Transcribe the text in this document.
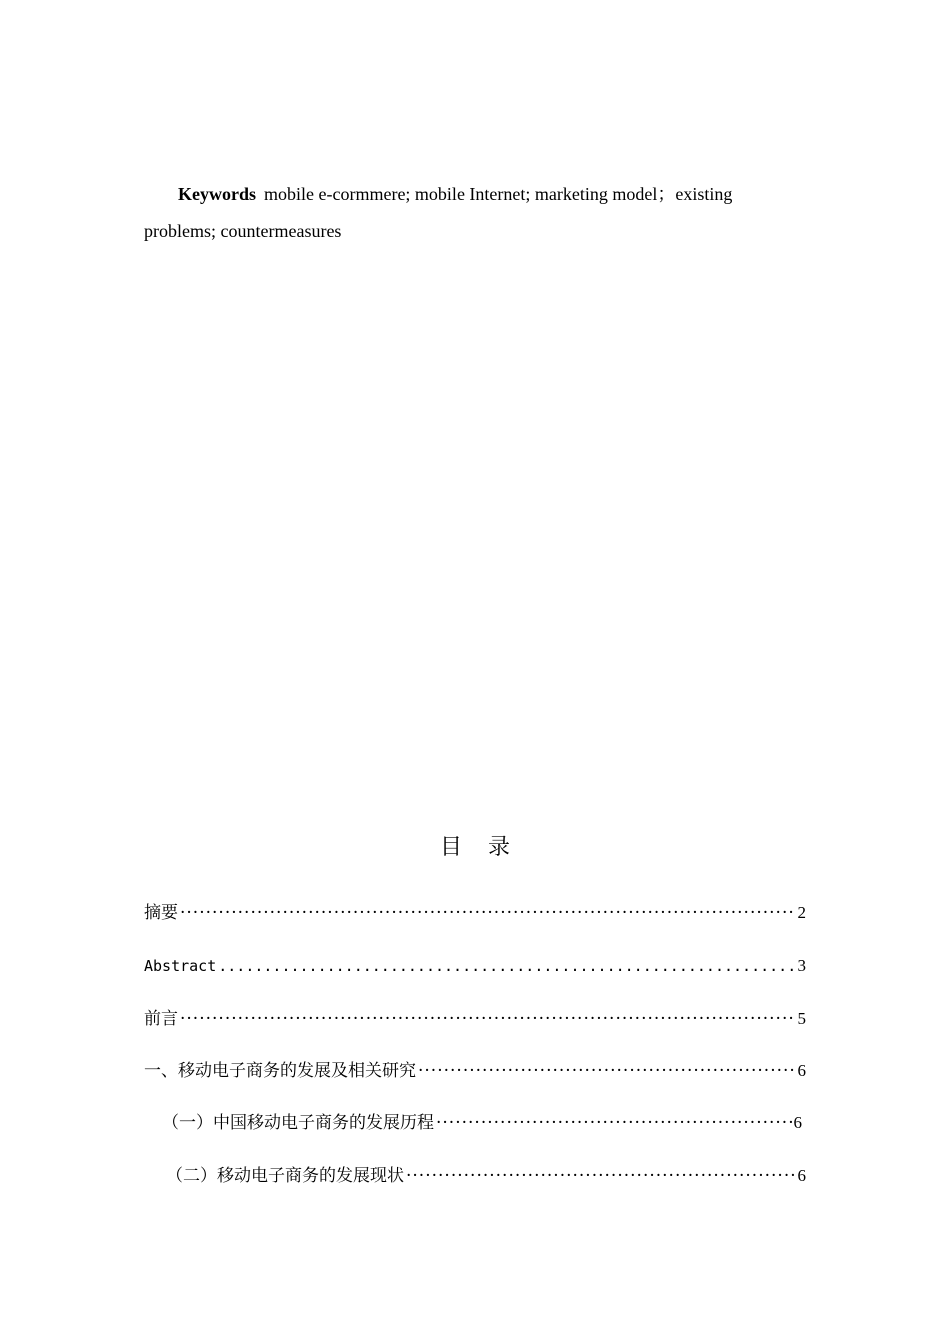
Keywords mobile e-cormmere; mobile Internet; marketing model；existing problems; countermeasures
目录
摘要 ·····	2
Abstract .....	3
前言 ·····	5
一、移动电子商务的发展及相关研究 ·····	6
（一）中国移动电子商务的发展历程 ·····	6
（二）移动电子商务的发展现状 ·····	6
